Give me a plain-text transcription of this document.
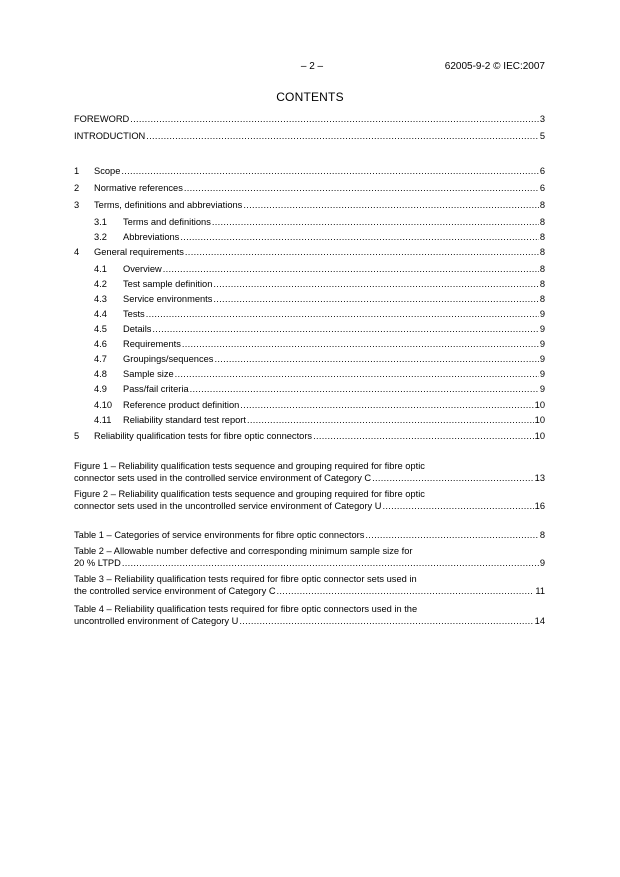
– 2 –	62005-9-2 © IEC:2007
CONTENTS
FOREWORD .....	3
INTRODUCTION .....	5
1	Scope .....	6
2	Normative references .....	6
3	Terms, definitions and abbreviations .....	8
3.1	Terms and definitions .....	8
3.2	Abbreviations .....	8
4	General requirements .....	8
4.1	Overview .....	8
4.2	Test sample definition .....	8
4.3	Service environments .....	8
4.4	Tests .....	9
4.5	Details .....	9
4.6	Requirements .....	9
4.7	Groupings/sequences .....	9
4.8	Sample size .....	9
4.9	Pass/fail criteria .....	9
4.10	Reference product definition .....	10
4.11	Reliability standard test report .....	10
5	Reliability qualification tests for fibre optic connectors .....	10
Figure 1 – Reliability qualification tests sequence and grouping required for fibre optic
connector sets used in the controlled service environment of Category C .....	13
Figure 2 – Reliability qualification tests sequence and grouping required for fibre optic
connector sets used in the uncontrolled service environment of Category U .....	16
Table 1 – Categories of service environments for fibre optic connectors .....	8
Table 2 – Allowable number defective and corresponding minimum sample size for
20 % LTPD .....	9
Table 3 – Reliability qualification tests required for fibre optic connector sets used in
the controlled service environment of Category C .....	11
Table 4 – Reliability qualification tests required for fibre optic connectors used in the
uncontrolled environment of Category U .....	14
